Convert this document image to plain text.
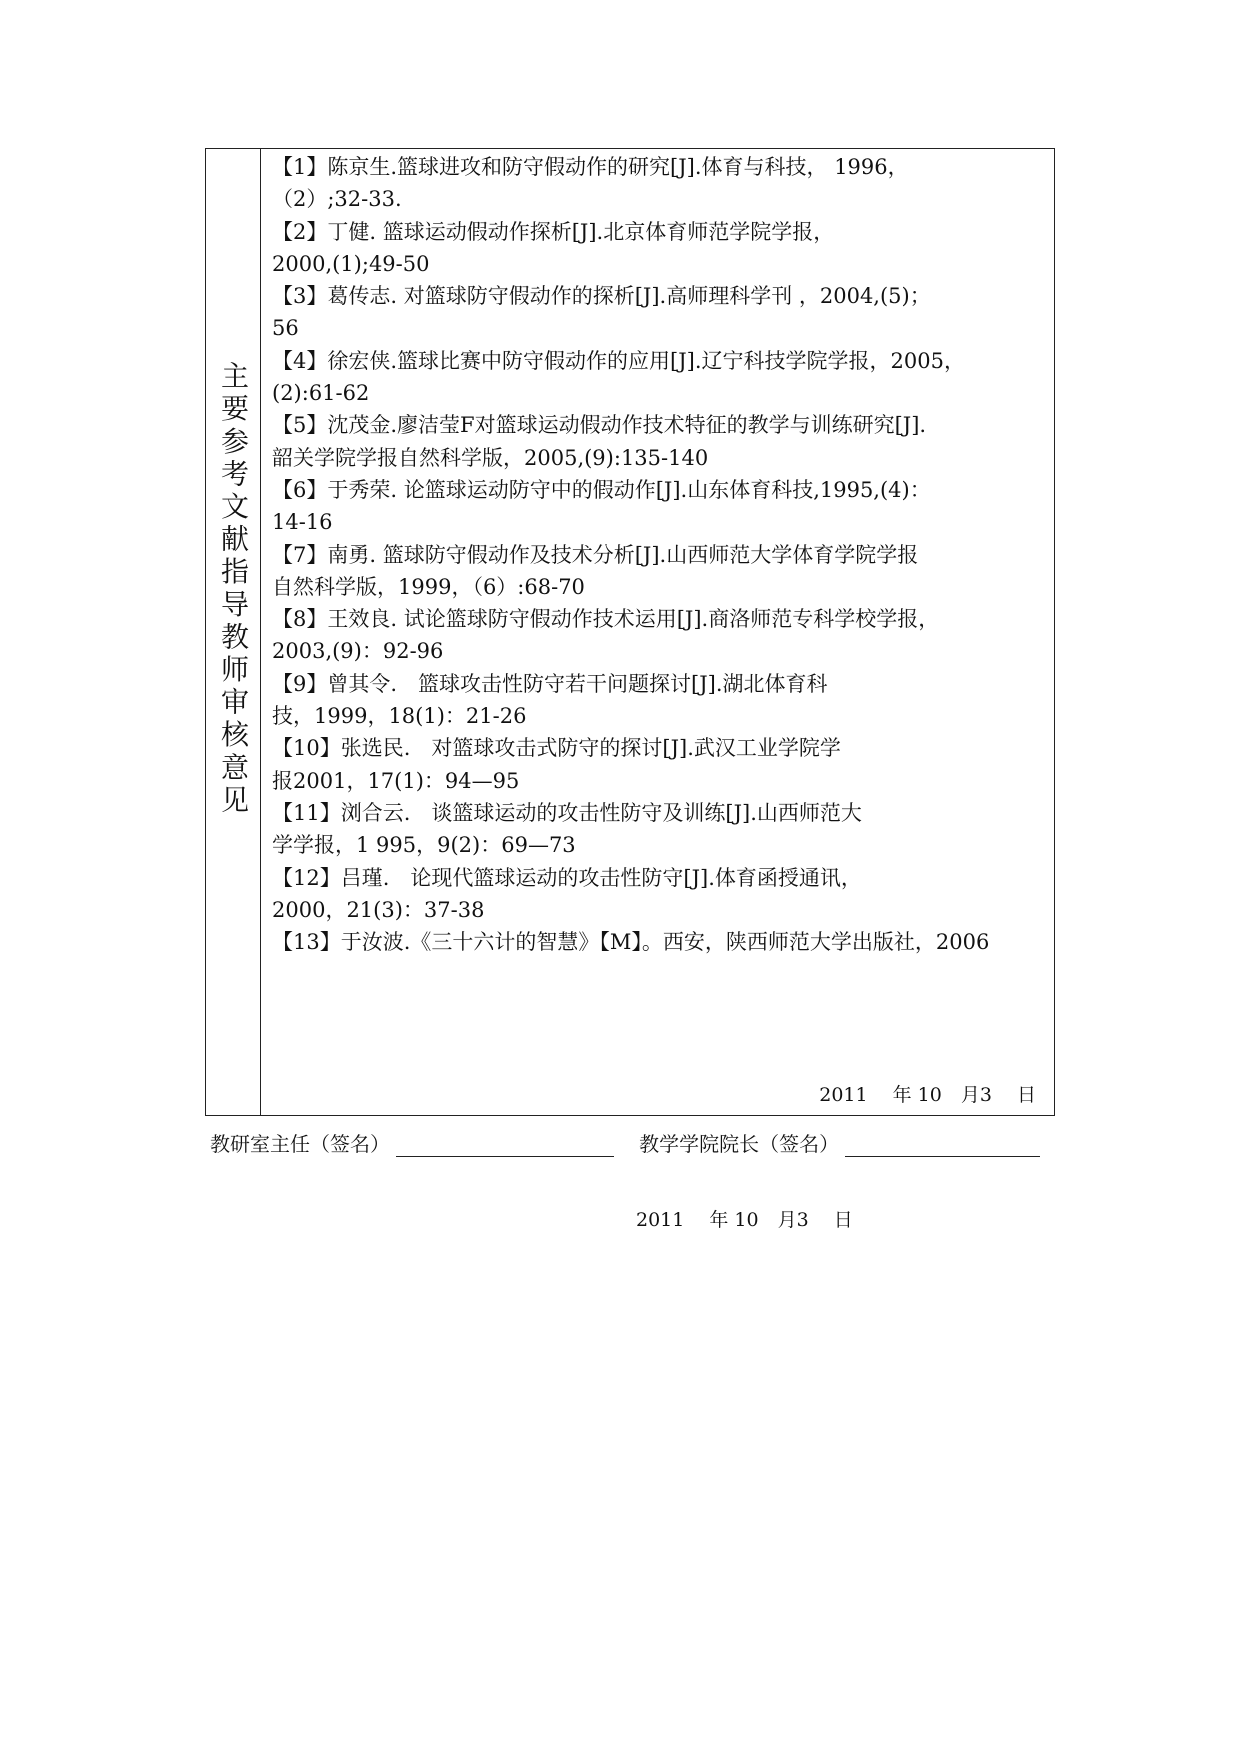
主要参考文献指导教师审核意见
【1】陈京生.篮球进攻和防守假动作的研究[J].体育与科技， 1996，
（2）;32-33.
【2】丁健. 篮球运动假动作探析[J].北京体育师范学院学报，
2000,(1);49-50
【3】葛传志. 对篮球防守假动作的探析[J].高师理科学刊 ，2004,(5)；
56
【4】徐宏侠.篮球比赛中防守假动作的应用[J].辽宁科技学院学报，2005，
(2):61-62
【5】沈茂金.廖洁莹F对篮球运动假动作技术特征的教学与训练研究[J].
韶关学院学报自然科学版，2005,(9):135-140
【6】于秀荣. 论篮球运动防守中的假动作[J].山东体育科技,1995,(4)：
14-16
【7】南勇. 篮球防守假动作及技术分析[J].山西师范大学体育学院学报
自然科学版，1999，（6）:68-70
【8】王效良. 试论篮球防守假动作技术运用[J].商洛师范专科学校学报，
2003,(9)：92-96
【9】曾其令.　篮球攻击性防守若干问题探讨[J].湖北体育科
技，1999，18(1)：21-26
【10】张选民.　对篮球攻击式防守的探讨[J].武汉工业学院学
报2001，17(1)：94—95
【11】浏合云.　谈篮球运动的攻击性防守及训练[J].山西师范大
学学报，1 995，9(2)：69—73
【12】吕瑾.　论现代篮球运动的攻击性防守[J].体育函授通讯，
2000，21(3)：37-38
【13】于汝波.《三十六计的智慧》【M】。西安，陕西师范大学出版社，2006
2011　 年 10　月3　 日
教研室主任（签名）	教学学院院长（签名）
2011　 年 10　月3　 日
